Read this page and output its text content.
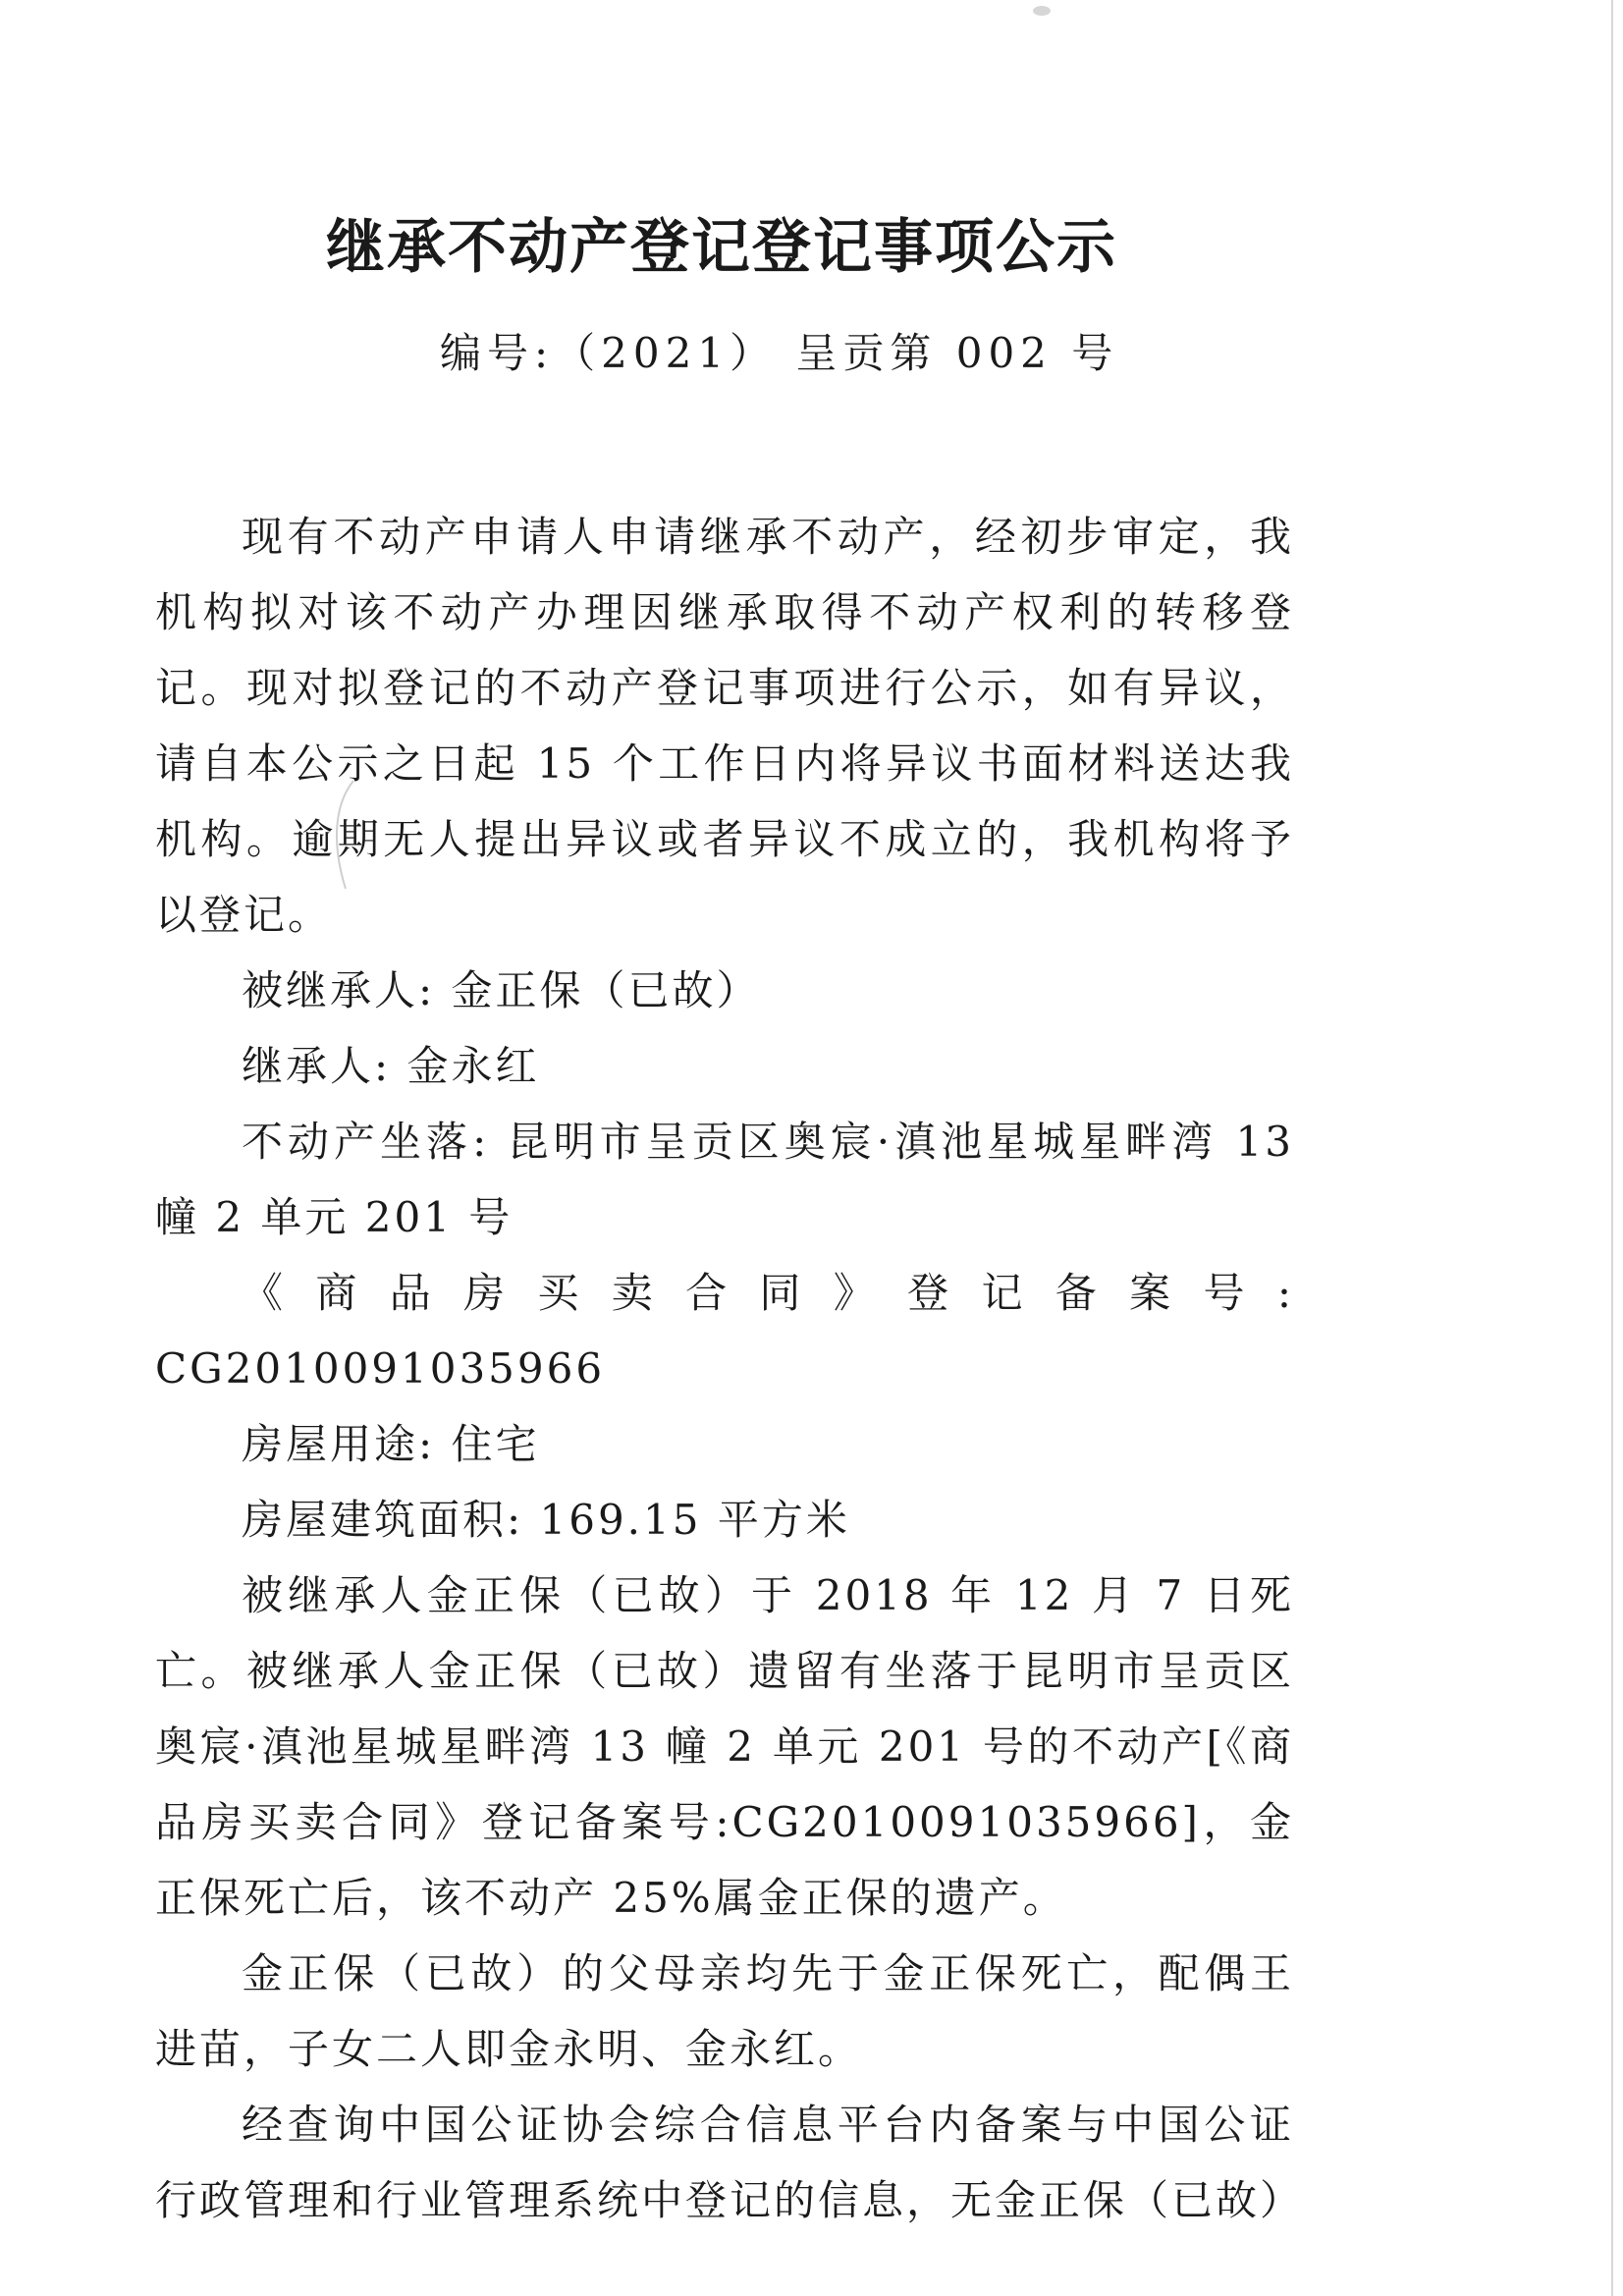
继承不动产登记登记事项公示
编号:（2021） 呈贡第 002 号

现有不动产申请人申请继承不动产，经初步审定，我机构拟对该不动产办理因继承取得不动产权利的转移登记。现对拟登记的不动产登记事项进行公示，如有异议，请自本公示之日起 15 个工作日内将异议书面材料送达我机构。逾期无人提出异议或者异议不成立的，我机构将予以登记。

被继承人: 金正保（已故）

继承人: 金永红

不动产坐落: 昆明市呈贡区奥宸·滇池星城星畔湾 13 幢 2 单元 201 号

《商品房买卖合同》登记备案号: CG2010091035966

房屋用途: 住宅

房屋建筑面积: 169.15 平方米

被继承人金正保（已故）于 2018 年 12 月 7 日死亡。被继承人金正保（已故）遗留有坐落于昆明市呈贡区奥宸·滇池星城星畔湾 13 幢 2 单元 201 号的不动产[《商品房买卖合同》登记备案号:CG2010091035966]，金正保死亡后，该不动产 25%属金正保的遗产。

金正保（已故）的父母亲均先于金正保死亡，配偶王进苗，子女二人即金永明、金永红。

经查询中国公证协会综合信息平台内备案与中国公证行政管理和行业管理系统中登记的信息，无金正保（已故）
